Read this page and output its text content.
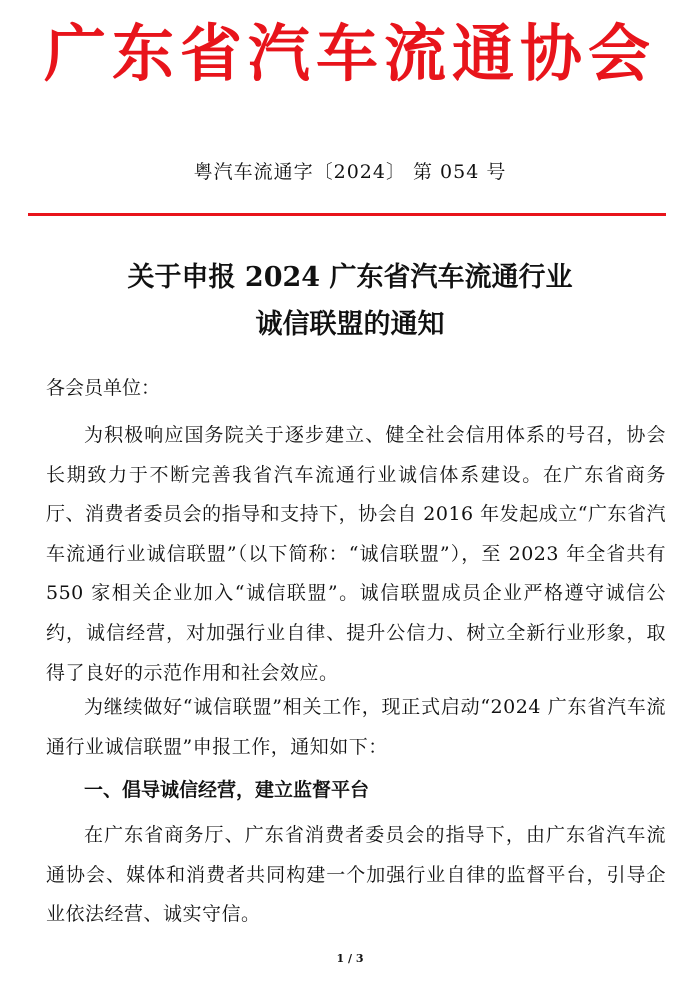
广东省汽车流通协会
粤汽车流通字〔2024〕 第 054 号
关于申报 2024 广东省汽车流通行业
诚信联盟的通知
各会员单位：

为积极响应国务院关于逐步建立、健全社会信用体系的号召，协会长期致力于不断完善我省汽车流通行业诚信体系建设。在广东省商务厅、消费者委员会的指导和支持下，协会自 2016 年发起成立“广东省汽车流通行业诚信联盟”（以下简称：“诚信联盟”），至 2023 年全省共有 550 家相关企业加入“诚信联盟”。诚信联盟成员企业严格遵守诚信公约，诚信经营，对加强行业自律、提升公信力、树立全新行业形象，取得了良好的示范作用和社会效应。

为继续做好“诚信联盟”相关工作，现正式启动“2024 广东省汽车流通行业诚信联盟”申报工作，通知如下：

一、倡导诚信经营，建立监督平台

在广东省商务厅、广东省消费者委员会的指导下，由广东省汽车流通协会、媒体和消费者共同构建一个加强行业自律的监督平台，引导企业依法经营、诚实守信。

1 / 3
